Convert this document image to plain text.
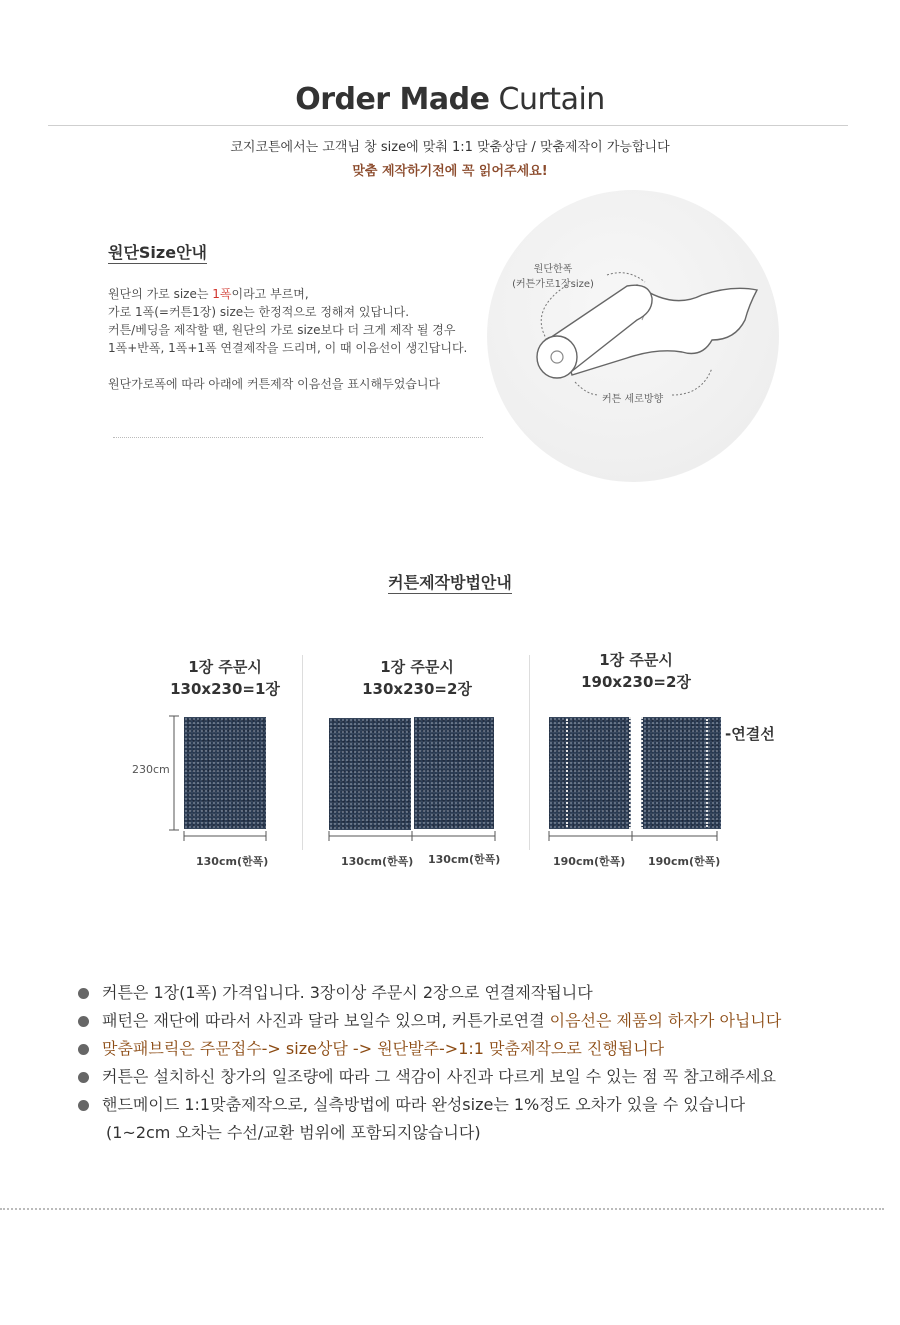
Order Made Curtain
코지코튼에서는 고객님 창 size에 맞춰 1:1 맞춤상담 / 맞춤제작이 가능합니다
맞춤 제작하기전에 꼭 읽어주세요!
원단Size안내
원단의 가로 size는 1폭이라고 부르며,
가로 1폭(=커튼1장) size는 한정적으로 정해져 있답니다.
커튼/베딩을 제작할 땐, 원단의 가로 size보다 더 크게 제작 될 경우
1폭+반폭, 1폭+1폭 연결제작을 드리며, 이 때 이음선이 생긴답니다.
원단가로폭에 따라 아래에 커튼제작 이음선을 표시해두었습니다
원단한폭
(커튼가로1장size)
커튼 세로방향
커튼제작방법안내
1장 주문시
130x230=1장
230cm
130cm(한폭)
1장 주문시
130x230=2장
130cm(한폭) 130cm(한폭)
1장 주문시
190x230=2장
-연결선
190cm(한폭) 190cm(한폭)
커튼은 1장(1폭) 가격입니다. 3장이상 주문시 2장으로 연결제작됩니다
패턴은 재단에 따라서 사진과 달라 보일수 있으며, 커튼가로연결 이음선은 제품의 하자가 아닙니다
맞춤패브릭은 주문접수-> size상담 -> 원단발주->1:1 맞춤제작으로 진행됩니다
커튼은 설치하신 창가의 일조량에 따라 그 색감이 사진과 다르게 보일 수 있는 점 꼭 참고해주세요
핸드메이드 1:1맞춤제작으로, 실측방법에 따라 완성size는 1%정도 오차가 있을 수 있습니다
(1~2cm 오차는 수선/교환 범위에 포함되지않습니다)
